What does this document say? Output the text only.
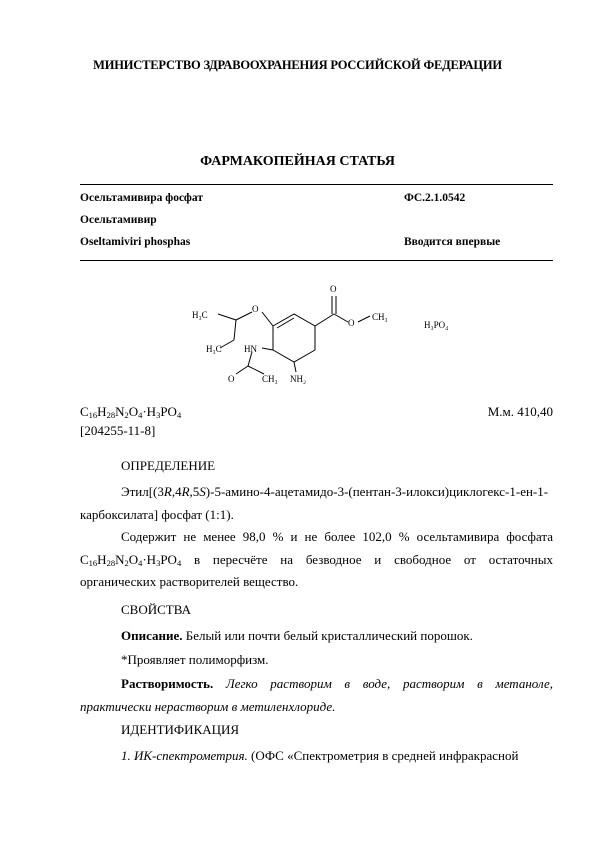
МИНИСТЕРСТВО ЗДРАВООХРАНЕНИЯ РОССИЙСКОЙ ФЕДЕРАЦИИ
ФАРМАКОПЕЙНАЯ СТАТЬЯ
Осельтамивира фосфат	ФС.2.1.0542
Осельтамивир
Oseltamiviri phosphas	Вводится впервые
H₃C
H₃C
O
O
O
CH₃
HN
NH₂
O	CH₃
H₃PO₄
$C_{16}H_{28}N_2O_4\cdot H_3PO_4$
[204255-11-8]
М.м. 410,40
ОПРЕДЕЛЕНИЕ
Этил[(3R,4R,5S)-5-амино-4-ацетамидо-3-(пентан-3-илокси)циклогекс-1-ен-1-карбоксилата] фосфат (1:1).
Содержит не менее 98,0 % и не более 102,0 % осельтамивира фосфата $C_{16}H_{28}N_2O_4\cdot H_3PO_4$ в пересчёте на безводное и свободное от остаточных органических растворителей вещество.
СВОЙСТВА
Описание. Белый или почти белый кристаллический порошок.
*Проявляет полиморфизм.
Растворимость. Легко растворим в воде, растворим в метаноле, практически нерастворим в метиленхлориде.
ИДЕНТИФИКАЦИЯ
1. ИК-спектрометрия. (ОФС «Спектрометрия в средней инфракрасной
